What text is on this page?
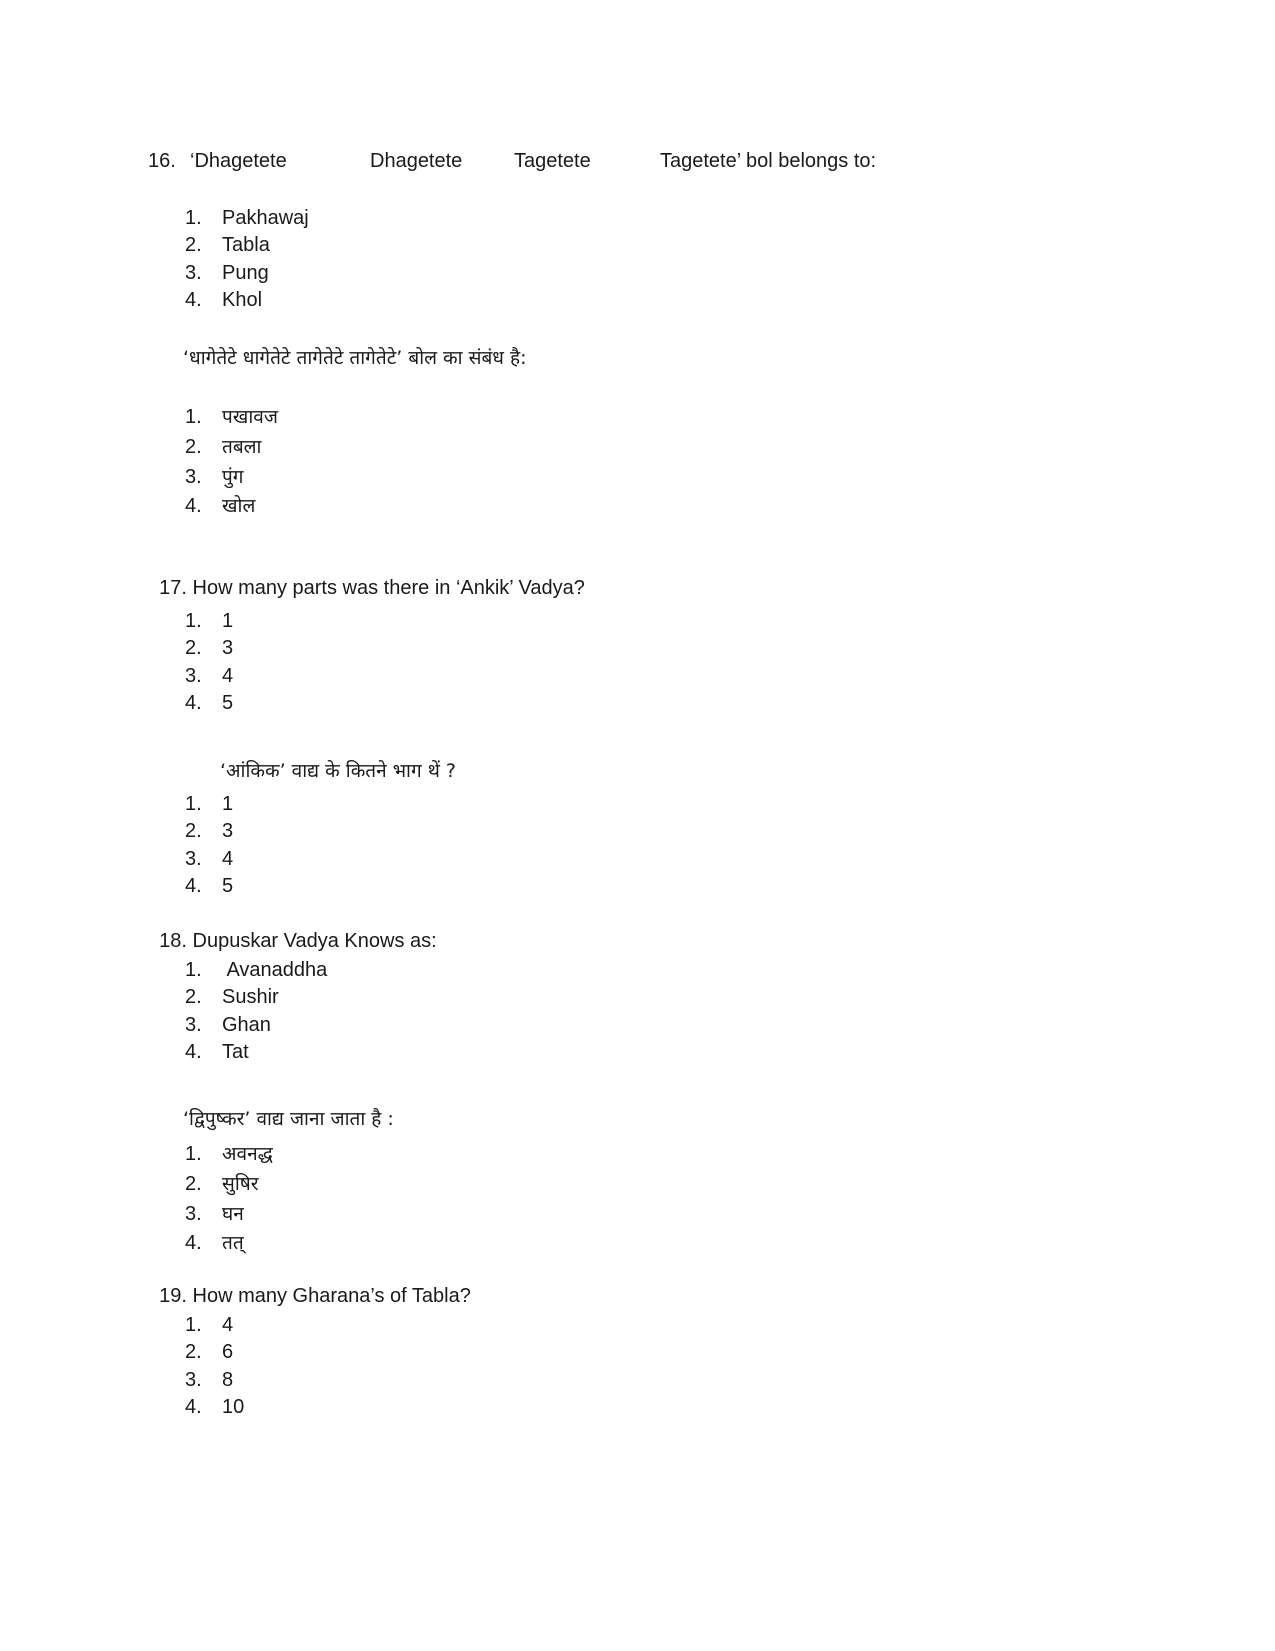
16.

‘Dhagetete

	Dhagetete

	Tagetete

	Tagetete’ bol belongs to:

1. Pakhawaj
2. Tabla
3. Pung
4. Khol
‘धागेतेटे धागेतेटे तागेतेटे तागेतेटे’ बोल का संबंध है:
1. पखावज
2. तबला
3. पुंग
4. खोल

17. How many parts was there in ‘Ankik’ Vadya?

1. 1
2. 3
3. 4
4. 5
‘आंकिक’ वाद्य के कितने भाग थें ?
1. 1
2. 3
3. 4
4. 5

18. Dupuskar Vadya Knows as:

1. Avanaddha
2. Sushir
3. Ghan
4. Tat
‘द्विपुष्कर’ वाद्य जाना जाता है :
1. अवनद्ध
2. सुषिर
3. घन
4. तत्

19. How many Gharana’s of Tabla?

1. 4
2. 6
3. 8
4. 10
